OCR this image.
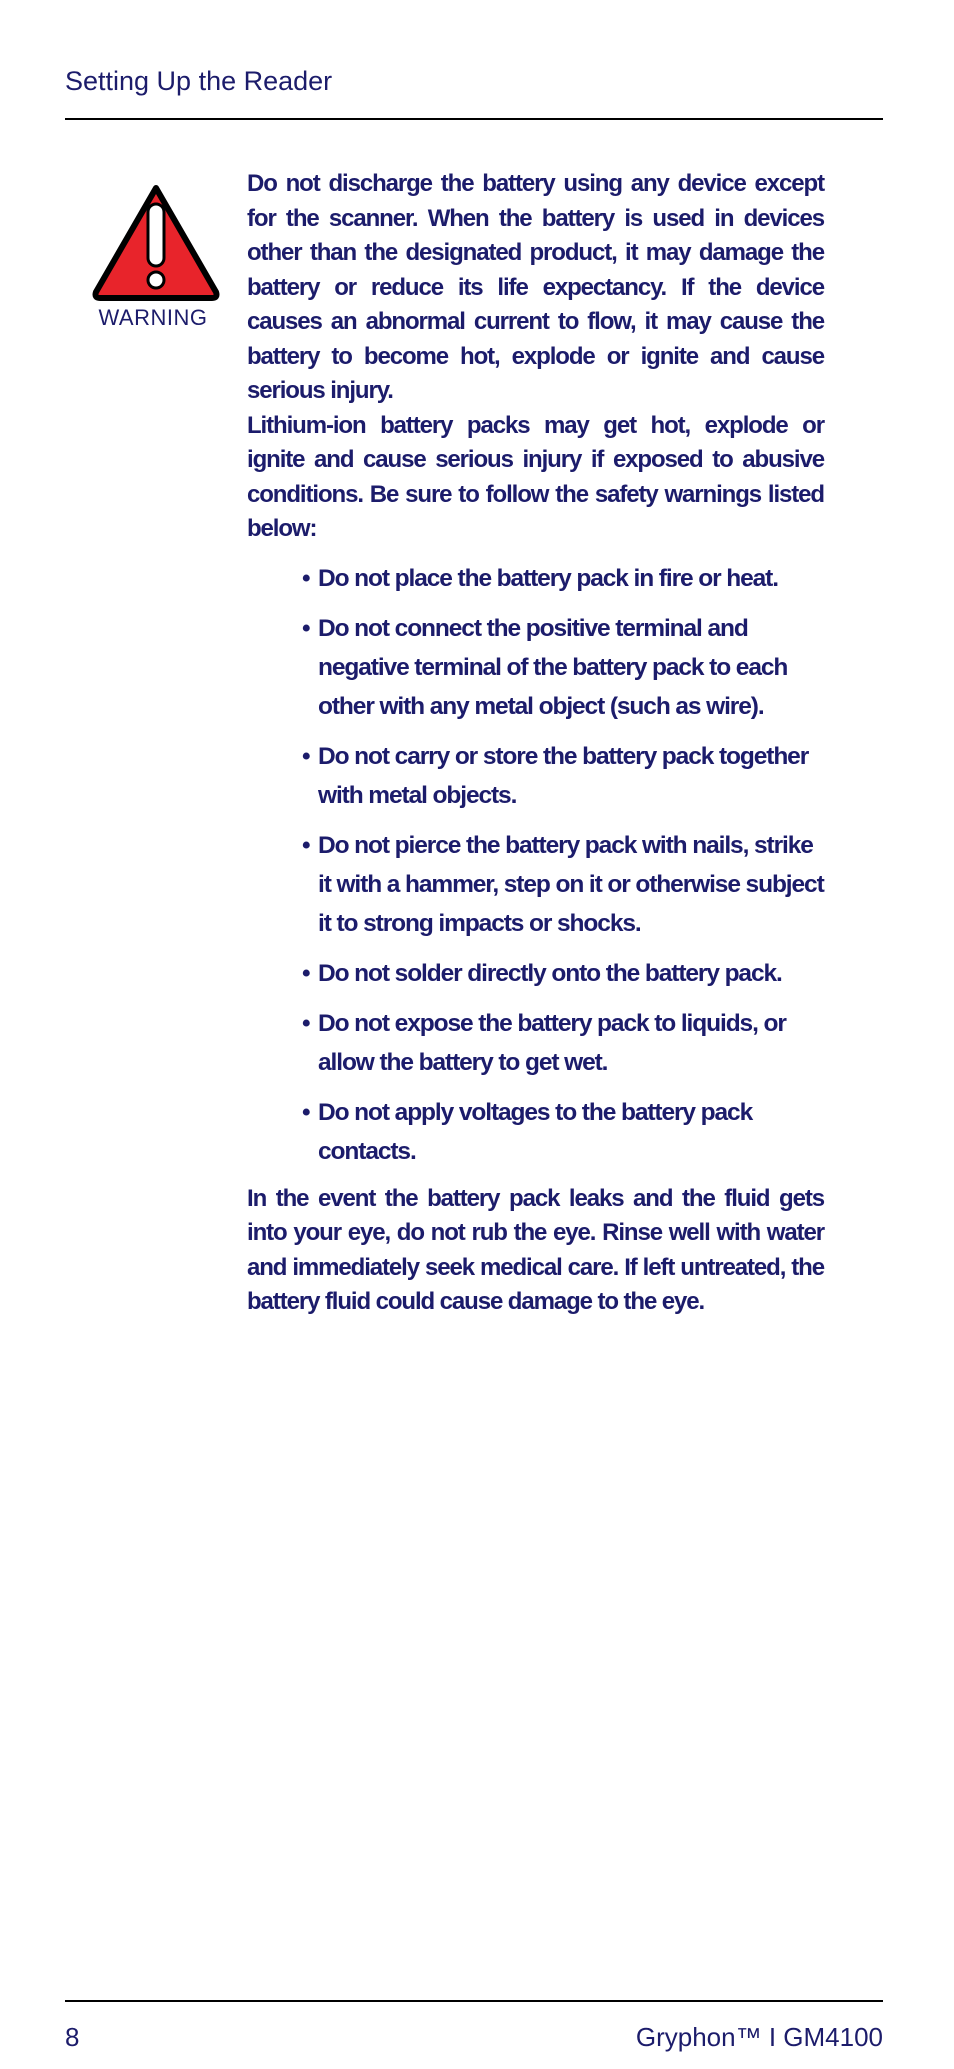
Setting Up the Reader
WARNING

Do not discharge the battery using any device except for the scanner. When the battery is used in devices other than the designated product, it may damage the battery or reduce its life expectancy. If the device causes an abnormal current to flow, it may cause the battery to become hot, explode or ignite and cause serious injury.

Lithium-ion battery packs may get hot, explode or ignite and cause serious injury if exposed to abusive conditions. Be sure to follow the safety warnings listed below:

• Do not place the battery pack in fire or heat.
• Do not connect the positive terminal and negative terminal of the battery pack to each other with any metal object (such as wire).
• Do not carry or store the battery pack together with metal objects.
• Do not pierce the battery pack with nails, strike it with a hammer, step on it or otherwise subject it to strong impacts or shocks.
• Do not solder directly onto the battery pack.
• Do not expose the battery pack to liquids, or allow the battery to get wet.
• Do not apply voltages to the battery pack contacts.

In the event the battery pack leaks and the fluid gets into your eye, do not rub the eye. Rinse well with water and immediately seek medical care. If left untreated, the battery fluid could cause damage to the eye.

8	Gryphon™ I GM4100
